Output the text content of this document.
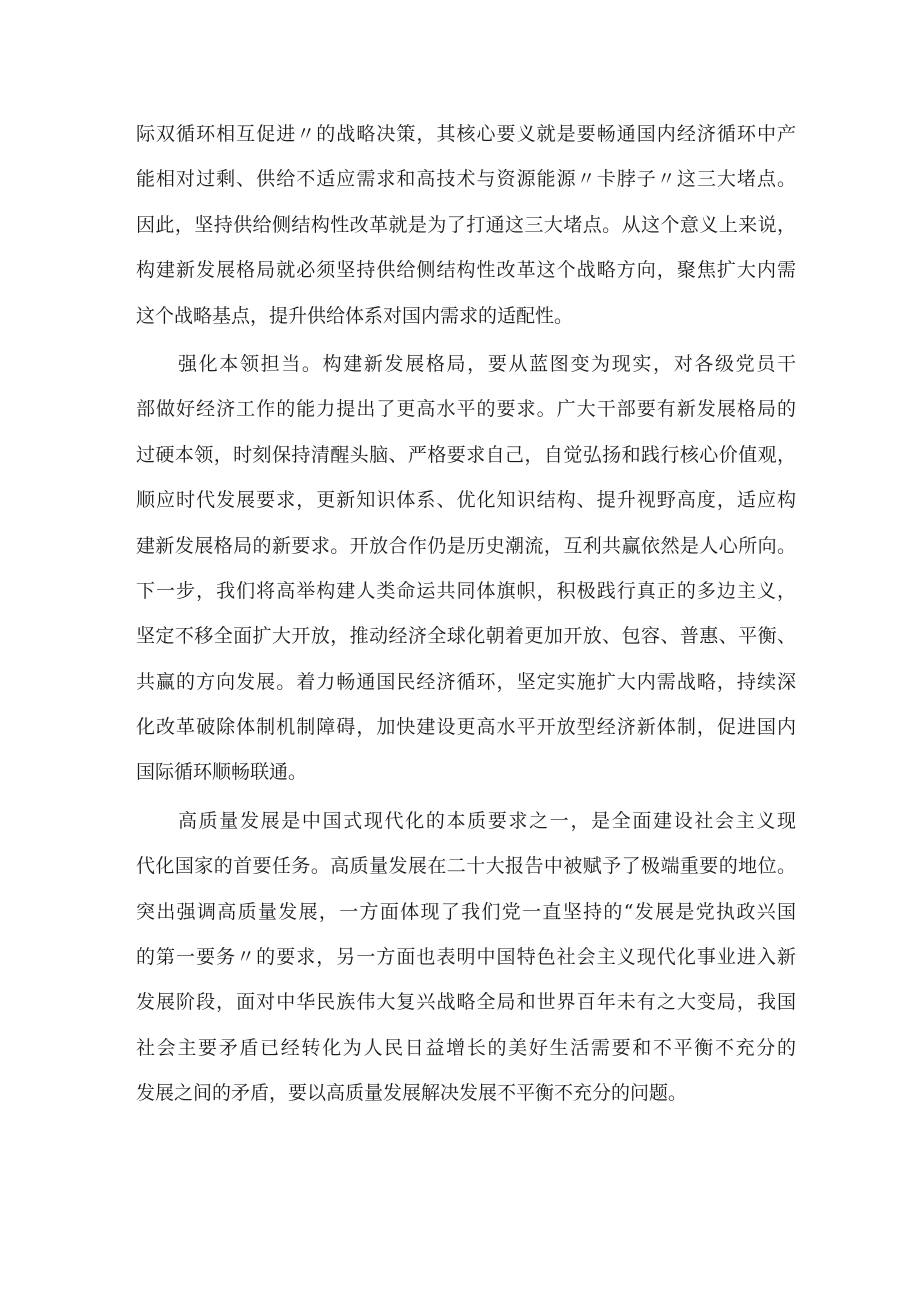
际双循环相互促进〃的战略决策，其核心要义就是要畅通国内经济循环中产
能相对过剩、供给不适应需求和高技术与资源能源〃卡脖子〃这三大堵点。
因此，坚持供给侧结构性改革就是为了打通这三大堵点。从这个意义上来说，
构建新发展格局就必须坚持供给侧结构性改革这个战略方向，聚焦扩大内需
这个战略基点，提升供给体系对国内需求的适配性。
强化本领担当。构建新发展格局，要从蓝图变为现实，对各级党员干
部做好经济工作的能力提出了更高水平的要求。广大干部要有新发展格局的
过硬本领，时刻保持清醒头脑、严格要求自己，自觉弘扬和践行核心价值观，
顺应时代发展要求，更新知识体系、优化知识结构、提升视野高度，适应构
建新发展格局的新要求。开放合作仍是历史潮流，互利共赢依然是人心所向。
下一步，我们将高举构建人类命运共同体旗帜，积极践行真正的多边主义，
坚定不移全面扩大开放，推动经济全球化朝着更加开放、包容、普惠、平衡、
共赢的方向发展。着力畅通国民经济循环，坚定实施扩大内需战略，持续深
化改革破除体制机制障碍，加快建设更高水平开放型经济新体制，促进国内
国际循环顺畅联通。
高质量发展是中国式现代化的本质要求之一，是全面建设社会主义现
代化国家的首要任务。高质量发展在二十大报告中被赋予了极端重要的地位。
突出强调高质量发展，一方面体现了我们党一直坚持的“发展是党执政兴国
的第一要务〃的要求，另一方面也表明中国特色社会主义现代化事业进入新
发展阶段，面对中华民族伟大复兴战略全局和世界百年未有之大变局，我国
社会主要矛盾已经转化为人民日益增长的美好生活需要和不平衡不充分的
发展之间的矛盾，要以高质量发展解决发展不平衡不充分的问题。
